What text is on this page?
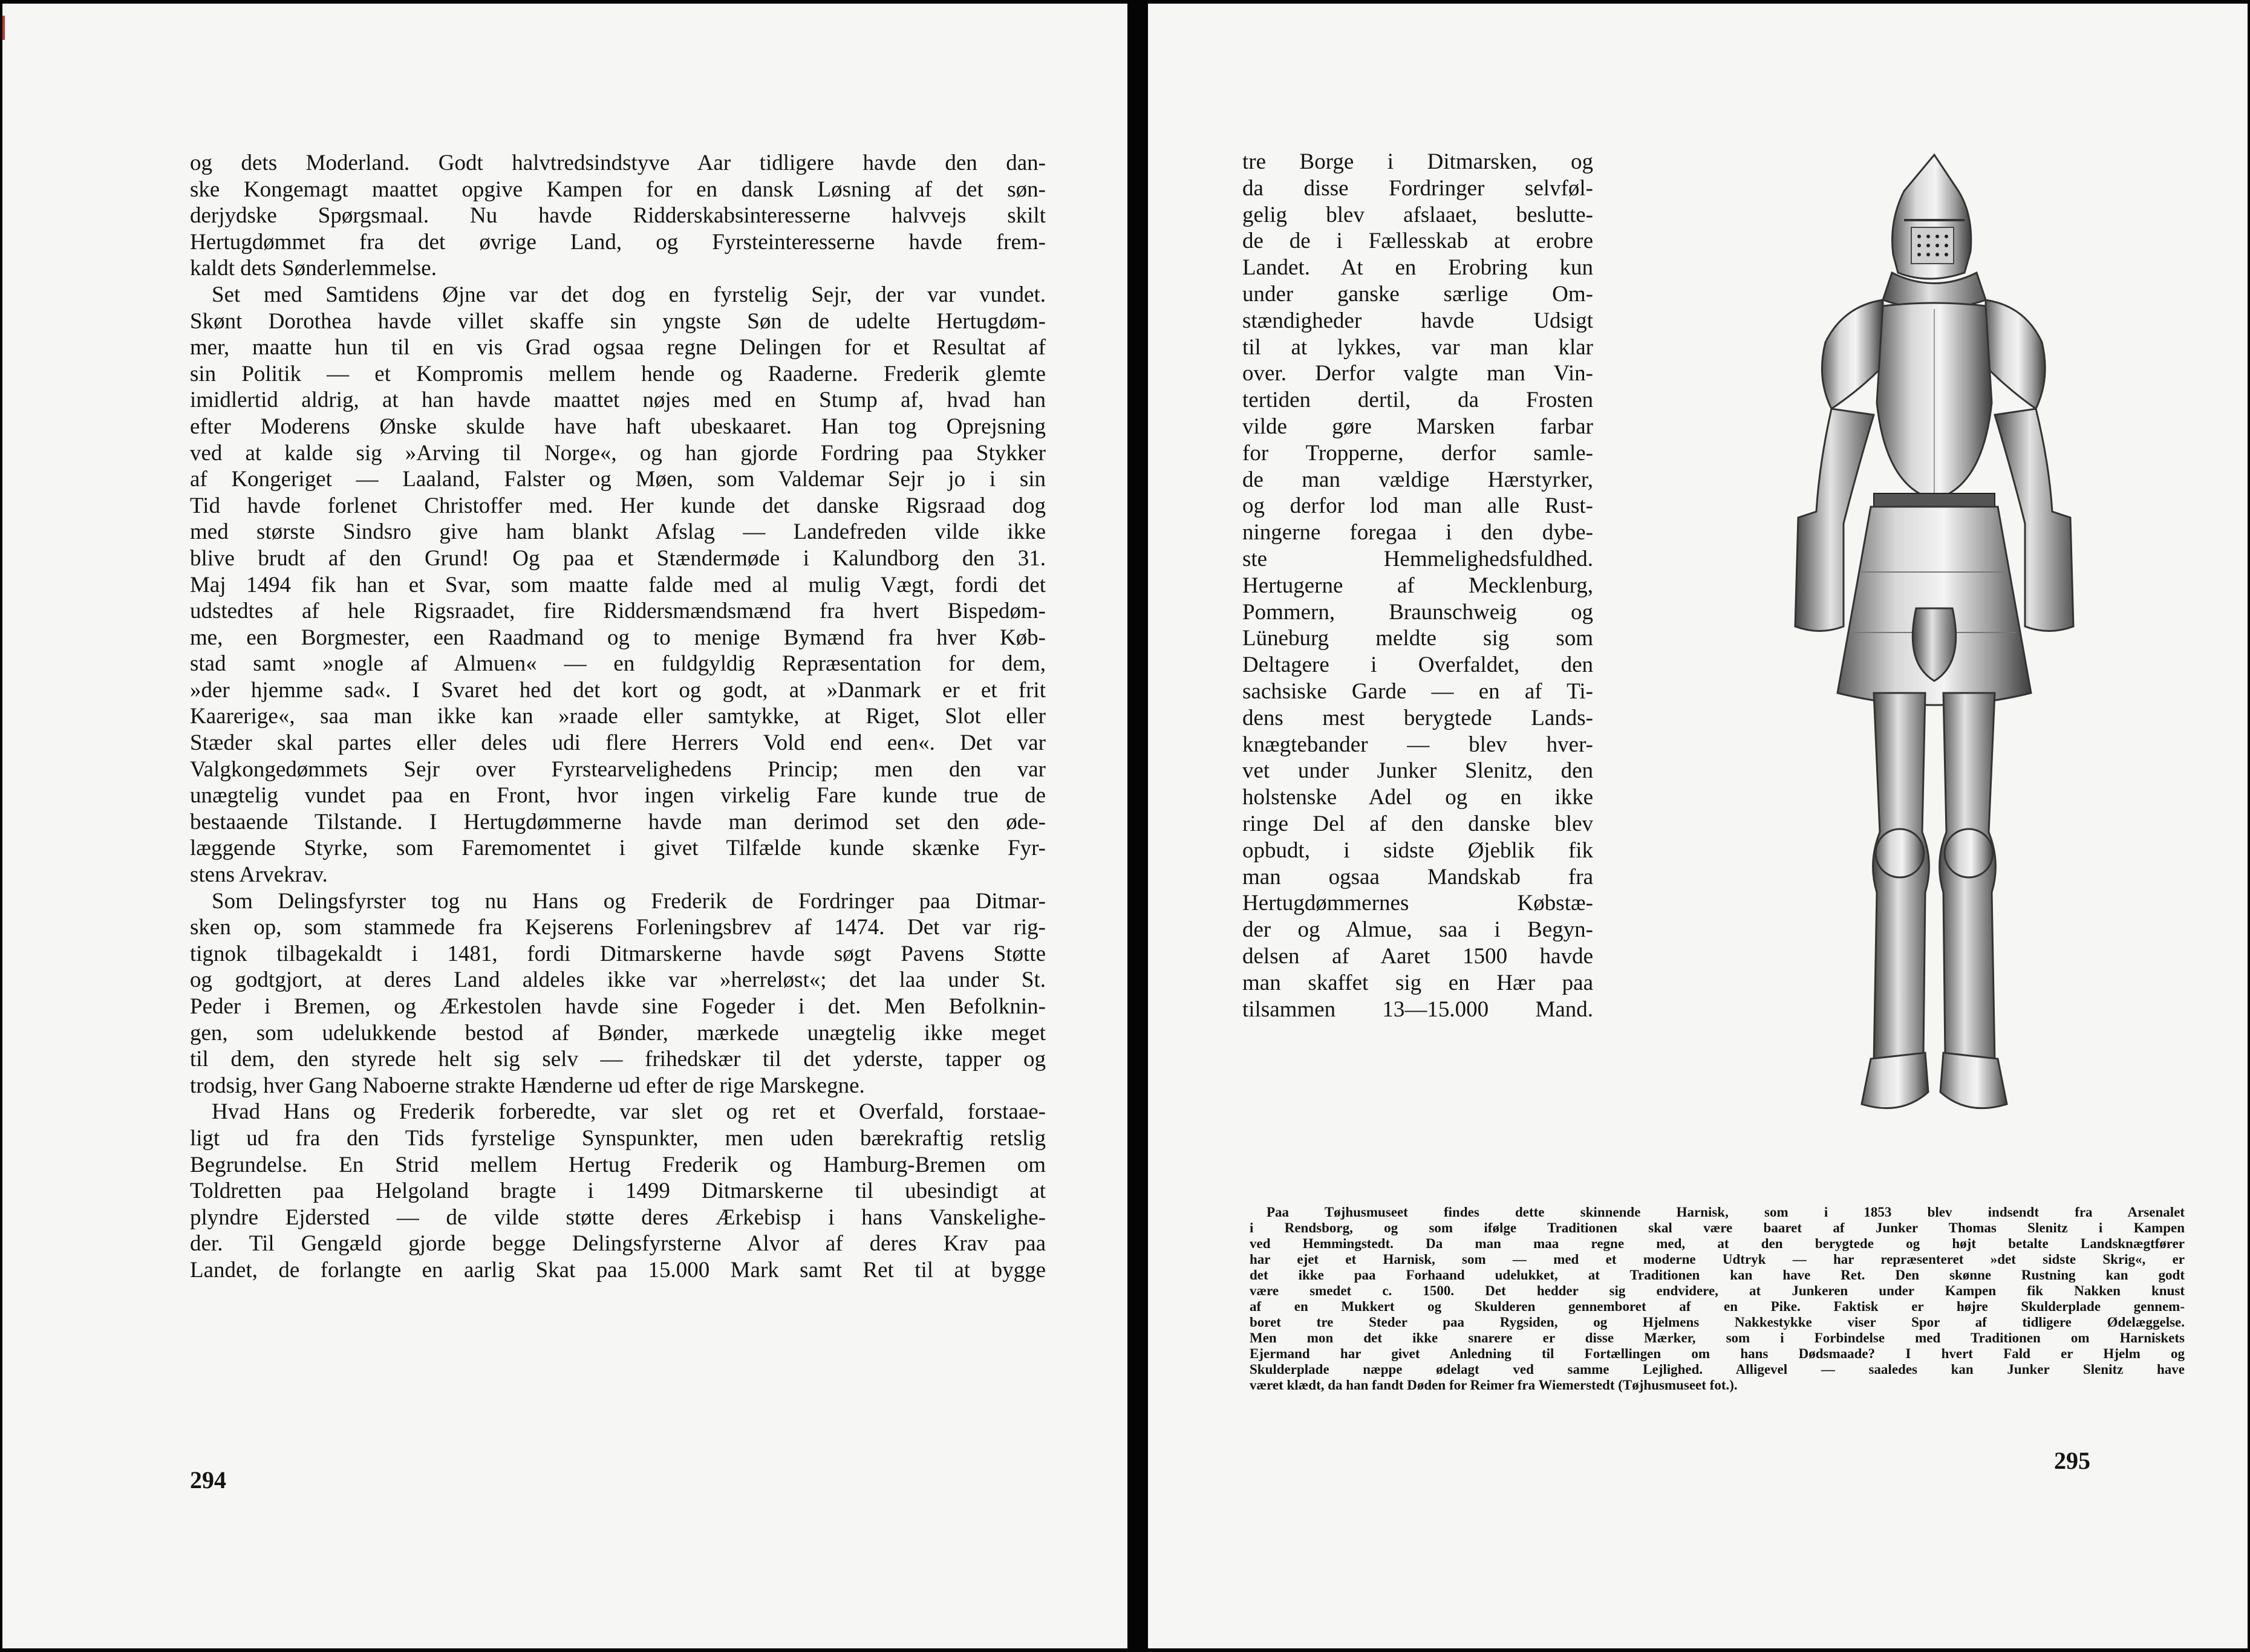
og dets Moderland. Godt halvtredsindstyve Aar tidligere havde den dan-
ske Kongemagt maattet opgive Kampen for en dansk Løsning af det søn-
derjydske Spørgsmaal. Nu havde Ridderskabsinteresserne halvvejs skilt
Hertugdømmet fra det øvrige Land, og Fyrsteinteresserne havde frem-
kaldt dets Sønderlemmelse.
Set med Samtidens Øjne var det dog en fyrstelig Sejr, der var vundet.
Skønt Dorothea havde villet skaffe sin yngste Søn de udelte Hertugdøm-
mer, maatte hun til en vis Grad ogsaa regne Delingen for et Resultat af
sin Politik — et Kompromis mellem hende og Raaderne. Frederik glemte
imidlertid aldrig, at han havde maattet nøjes med en Stump af, hvad han
efter Moderens Ønske skulde have haft ubeskaaret. Han tog Oprejsning
ved at kalde sig »Arving til Norge«, og han gjorde Fordring paa Stykker
af Kongeriget — Laaland, Falster og Møen, som Valdemar Sejr jo i sin
Tid havde forlenet Christoffer med. Her kunde det danske Rigsraad dog
med største Sindsro give ham blankt Afslag — Landefreden vilde ikke
blive brudt af den Grund! Og paa et Stændermøde i Kalundborg den 31.
Maj 1494 fik han et Svar, som maatte falde med al mulig Vægt, fordi det
udstedtes af hele Rigsraadet, fire Riddersmændsmænd fra hvert Bispedøm-
me, een Borgmester, een Raadmand og to menige Bymænd fra hver Køb-
stad samt »nogle af Almuen« — en fuldgyldig Repræsentation for dem,
»der hjemme sad«. I Svaret hed det kort og godt, at »Danmark er et frit
Kaarerige«, saa man ikke kan »raade eller samtykke, at Riget, Slot eller
Stæder skal partes eller deles udi flere Herrers Vold end een«. Det var
Valgkongedømmets Sejr over Fyrstearvelighedens Princip; men den var
unægtelig vundet paa en Front, hvor ingen virkelig Fare kunde true de
bestaaende Tilstande. I Hertugdømmerne havde man derimod set den øde-
læggende Styrke, som Faremomentet i givet Tilfælde kunde skænke Fyr-
stens Arvekrav.
Som Delingsfyrster tog nu Hans og Frederik de Fordringer paa Ditmar-
sken op, som stammede fra Kejserens Forleningsbrev af 1474. Det var rig-
tignok tilbagekaldt i 1481, fordi Ditmarskerne havde søgt Pavens Støtte
og godtgjort, at deres Land aldeles ikke var »herreløst«; det laa under St.
Peder i Bremen, og Ærkestolen havde sine Fogeder i det. Men Befolknin-
gen, som udelukkende bestod af Bønder, mærkede unægtelig ikke meget
til dem, den styrede helt sig selv — frihedskær til det yderste, tapper og
trodsig, hver Gang Naboerne strakte Hænderne ud efter de rige Marskegne.
Hvad Hans og Frederik forberedte, var slet og ret et Overfald, forstaae-
ligt ud fra den Tids fyrstelige Synspunkter, men uden bærekraftig retslig
Begrundelse. En Strid mellem Hertug Frederik og Hamburg-Bremen om
Toldretten paa Helgoland bragte i 1499 Ditmarskerne til ubesindigt at
plyndre Ejdersted — de vilde støtte deres Ærkebisp i hans Vanskelighe-
der. Til Gengæld gjorde begge Delingsfyrsterne Alvor af deres Krav paa
Landet, de forlangte en aarlig Skat paa 15.000 Mark samt Ret til at bygge
294
tre Borge i Ditmarsken, og
da disse Fordringer selvføl-
gelig blev afslaaet, beslutte-
de de i Fællesskab at erobre
Landet. At en Erobring kun
under ganske særlige Om-
stændigheder havde Udsigt
til at lykkes, var man klar
over. Derfor valgte man Vin-
tertiden dertil, da Frosten
vilde gøre Marsken farbar
for Tropperne, derfor samle-
de man vældige Hærstyrker,
og derfor lod man alle Rust-
ningerne foregaa i den dybe-
ste Hemmelighedsfuldhed.
Hertugerne af Mecklenburg,
Pommern, Braunschweig og
Lüneburg meldte sig som
Deltagere i Overfaldet, den
sachsiske Garde — en af Ti-
dens mest berygtede Lands-
knægtebander — blev hver-
vet under Junker Slenitz, den
holstenske Adel og en ikke
ringe Del af den danske blev
opbudt, i sidste Øjeblik fik
man ogsaa Mandskab fra
Hertugdømmernes Købstæ-
der og Almue, saa i Begyn-
delsen af Aaret 1500 havde
man skaffet sig en Hær paa
tilsammen 13—15.000 Mand.
Paa Tøjhusmuseet findes dette skinnende Harnisk, som i 1853 blev indsendt fra Arsenalet
i Rendsborg, og som ifølge Traditionen skal være baaret af Junker Thomas Slenitz i Kampen
ved Hemmingstedt. Da man maa regne med, at den berygtede og højt betalte Landsknægtfører
har ejet et Harnisk, som — med et moderne Udtryk — har repræsenteret »det sidste Skrig«, er
det ikke paa Forhaand udelukket, at Traditionen kan have Ret. Den skønne Rustning kan godt
være smedet c. 1500. Det hedder sig endvidere, at Junkeren under Kampen fik Nakken knust
af en Mukkert og Skulderen gennemboret af en Pike. Faktisk er højre Skulderplade gennem-
boret tre Steder paa Rygsiden, og Hjelmens Nakkestykke viser Spor af tidligere Ødelæggelse.
Men mon det ikke snarere er disse Mærker, som i Forbindelse med Traditionen om Harniskets
Ejermand har givet Anledning til Fortællingen om hans Dødsmaade? I hvert Fald er Hjelm og
Skulderplade næppe ødelagt ved samme Lejlighed. Alligevel — saaledes kan Junker Slenitz have
været klædt, da han fandt Døden for Reimer fra Wiemerstedt (Tøjhusmuseet fot.).
295
